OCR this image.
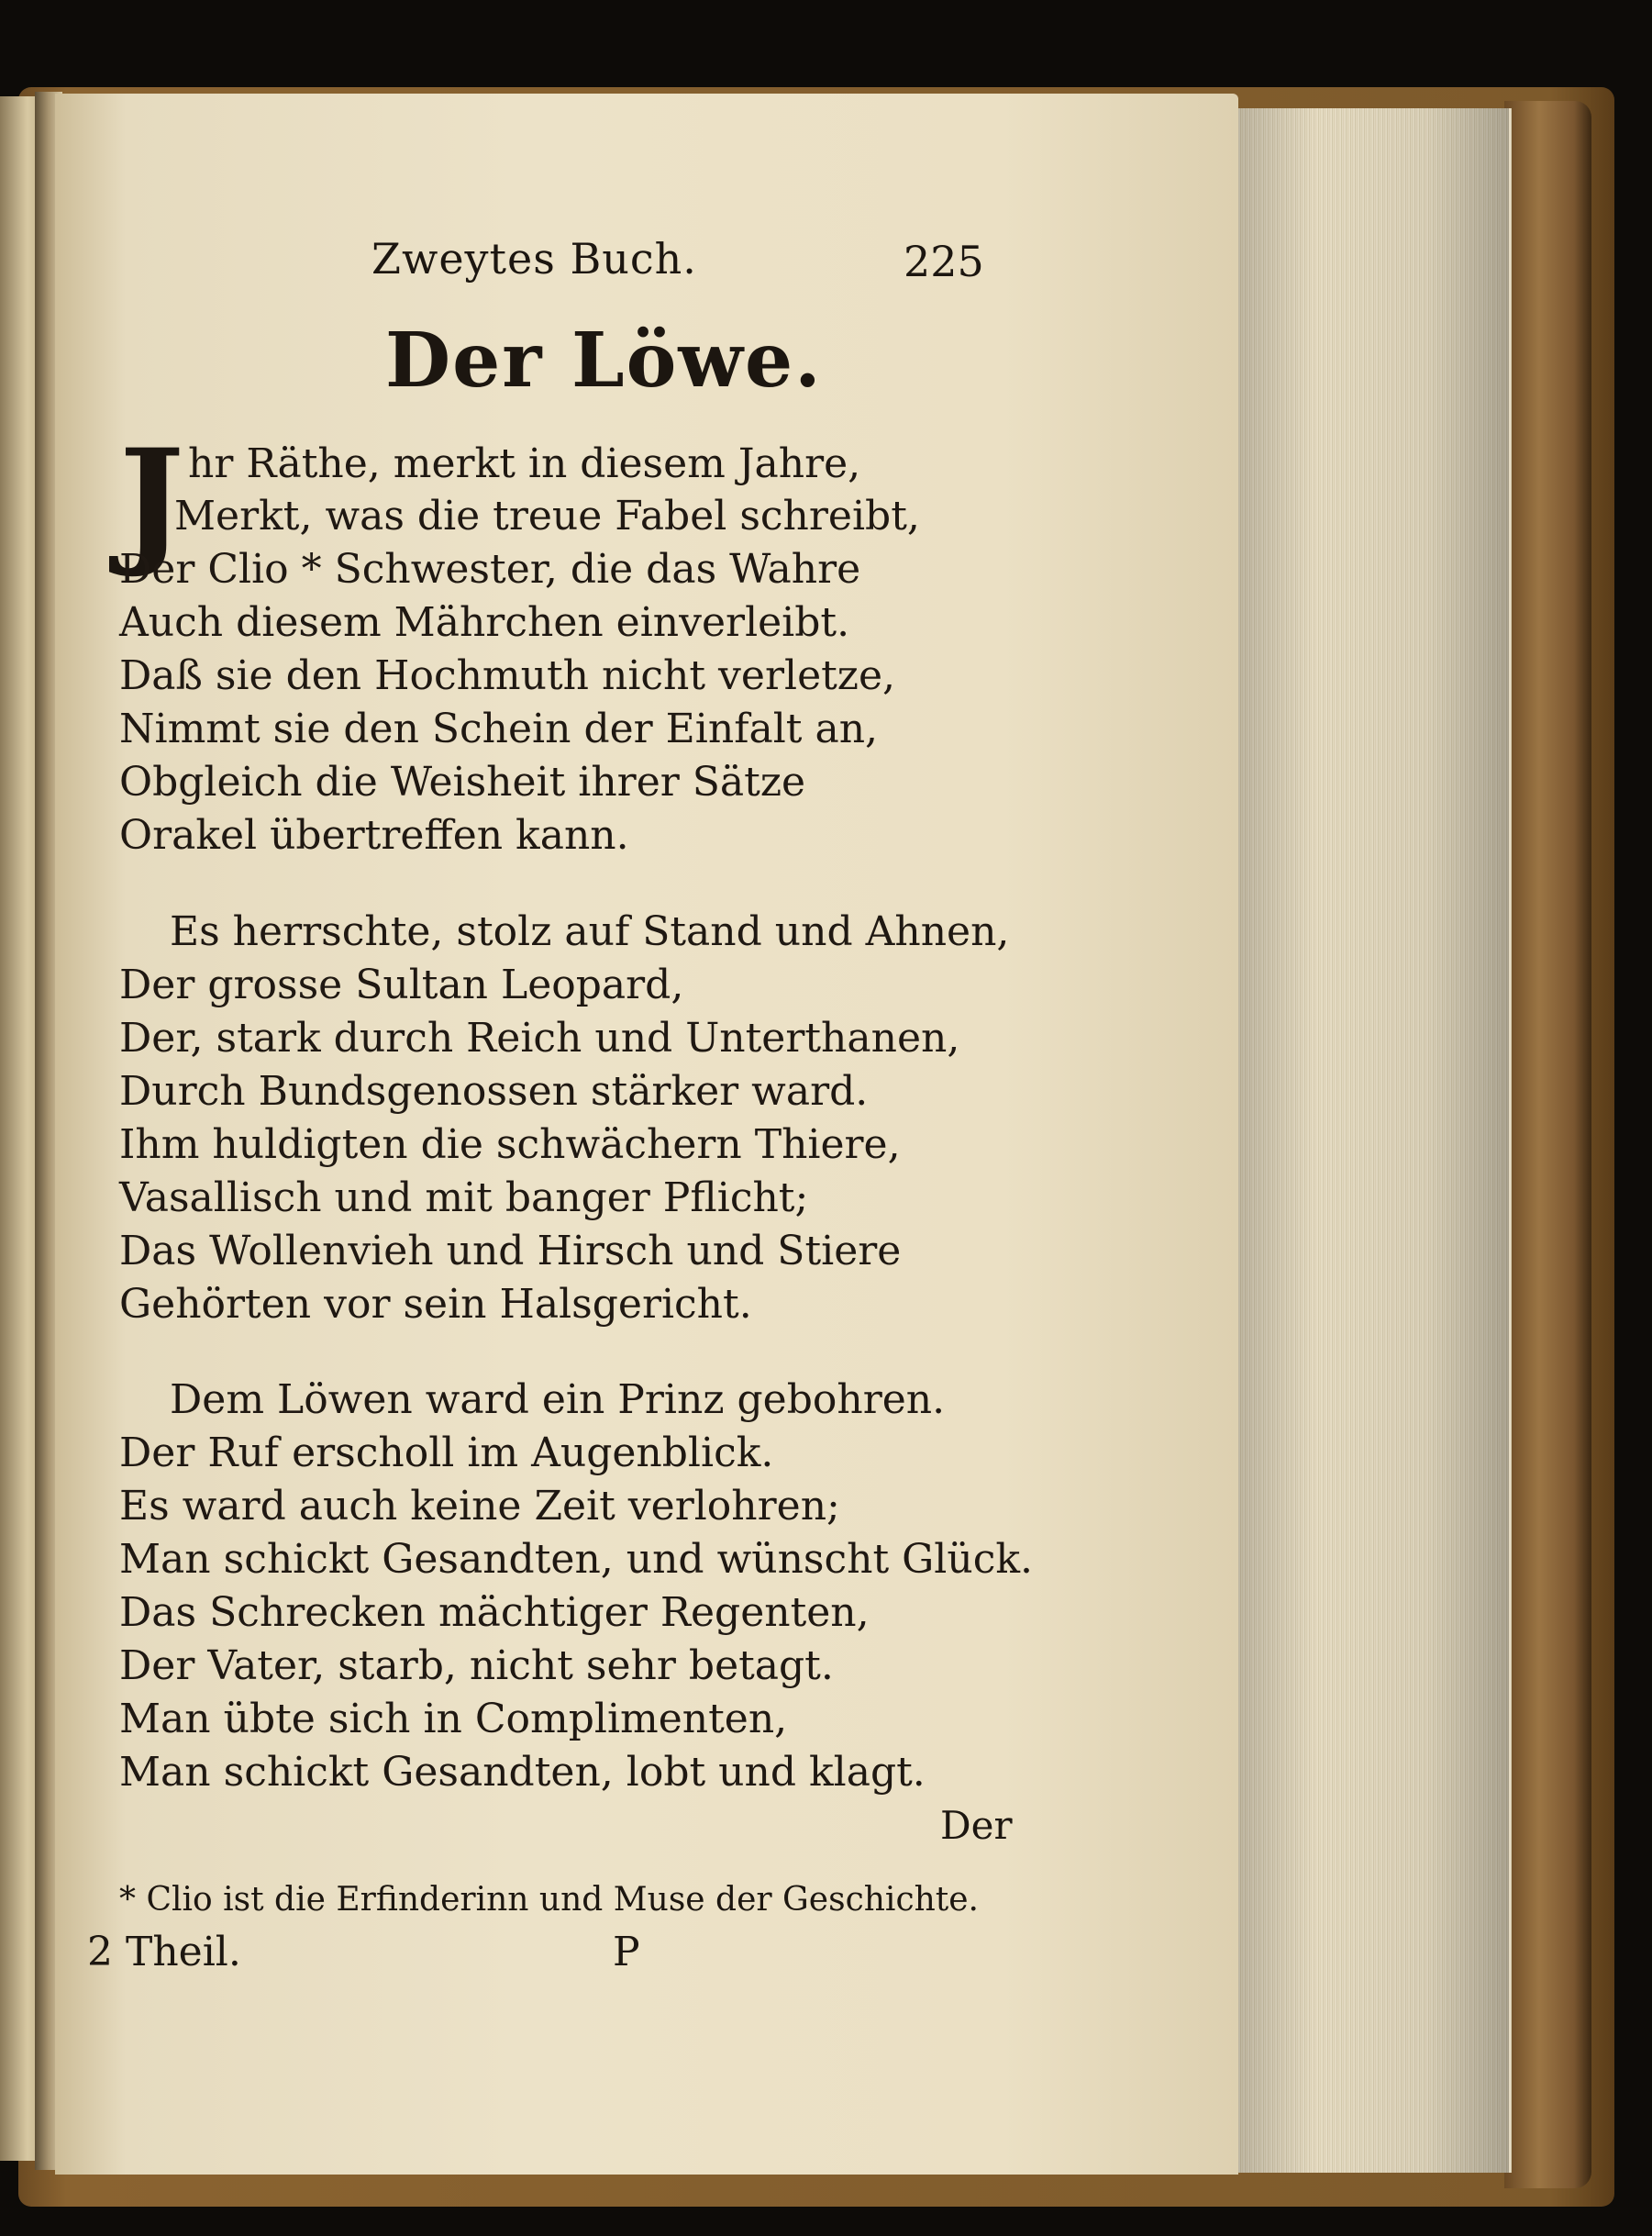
Zweytes Buch.	225
Der Löwe.
J hr Räthe, merkt in diesem Jahre,
Merkt, was die treue Fabel schreibt,
Der Clio * Schwester, die das Wahre
Auch diesem Mährchen einverleibt.
Daß sie den Hochmuth nicht verletze,
Nimmt sie den Schein der Einfalt an,
Obgleich die Weisheit ihrer Sätze
Orakel übertreffen kann.
Es herrschte, stolz auf Stand und Ahnen,
Der grosse Sultan Leopard,
Der, stark durch Reich und Unterthanen,
Durch Bundsgenossen stärker ward.
Ihm huldigten die schwächern Thiere,
Vasallisch und mit banger Pflicht;
Das Wollenvieh und Hirsch und Stiere
Gehörten vor sein Halsgericht.
Dem Löwen ward ein Prinz gebohren.
Der Ruf erscholl im Augenblick.
Es ward auch keine Zeit verlohren;
Man schickt Gesandten, und wünscht Glück.
Das Schrecken mächtiger Regenten,
Der Vater, starb, nicht sehr betagt.
Man übte sich in Complimenten,
Man schickt Gesandten, lobt und klagt.
Der
* Clio ist die Erfinderinn und Muse der Geschichte.
2 Theil.	P
